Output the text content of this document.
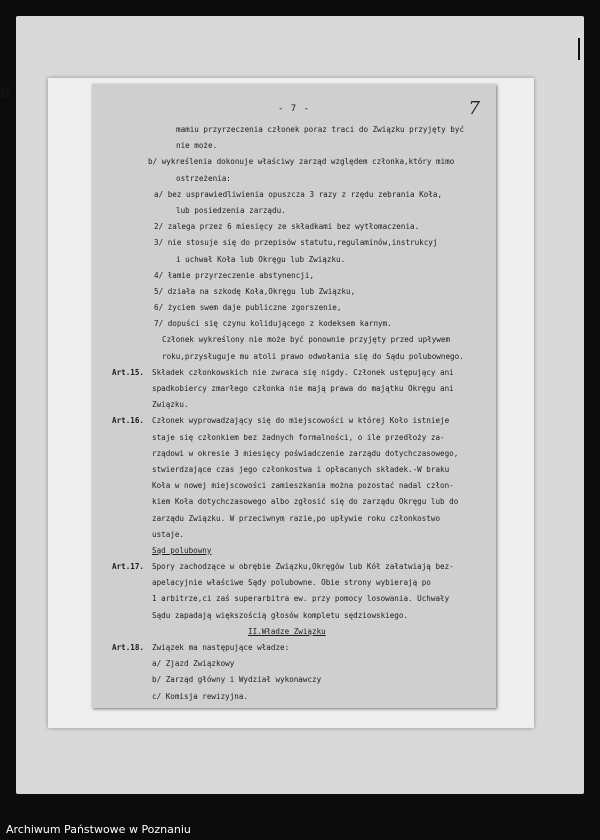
B
- 7 -	7
mamiu przyrzeczenia członek poraz traci do Związku przyjęty być
nie może.
b/ wykreślenia dokonuje właściwy zarząd względem członka,który mimo
ostrzeżenia:
a/ bez usprawiedliwienia opuszcza 3 razy z rzędu zebrania Koła,
lub posiedzenia zarządu.
2/ zalega przez 6 miesięcy ze składkami bez wytłomaczenia.
3/ nie stosuje się do przepisów statutu,regulaminów,instrukcyj
i uchwał Koła lub Okręgu lub Związku.
4/ łamie przyrzeczenie abstynencji,
5/ działa na szkodę Koła,Okręgu lub Związku,
6/ życiem swem daje publiczne zgorszenie,
7/ dopuści się czynu kolidującego z kodeksem karnym.
Członek wykreślony nie może być ponownie przyjęty przed upływem
roku,przysługuje mu atoli prawo odwołania się do Sądu polubownego.
Art.15. Składek członkowskich nie zwraca się nigdy. Członek ustępujący ani
spadkobiercy zmarłego członka nie mają prawa do majątku Okręgu ani
Związku.
Art.16. Członek wyprowadzający się do miejscowości w której Koło istnieje
staje się członkiem bez żadnych formalności, o ile przedłoży za-
rządowi w okresie 3 miesięcy poświadczenie zarządu dotychczasowego,
stwierdzające czas jego członkostwa i opłacanych składek.-W braku
Koła w nowej miejscowości zamieszkania można pozostać nadal człon-
kiem Koła dotychczasowego albo zgłosić się do zarządu Okręgu lub do
zarządu Związku. W przeciwnym razie,po upływie roku członkostwo
ustaje.
Sąd polubowny
Art.17. Spory zachodzące w obrębie Związku,Okręgów lub Kół załatwiają bez-
apelacyjnie właściwe Sądy polubowne. Obie strony wybierają po
1 arbitrze,ci zaś superarbitra ew. przy pomocy losowania. Uchwały
Sądu zapadają większością głosów kompletu sędziowskiego.
II.Władze Związku
Art.18. Związek ma następujące władze:
a/ Zjazd Związkowy
b/ Zarząd główny i Wydział wykonawczy
c/ Komisja rewizyjna.
Archiwum Państwowe w Poznaniu
